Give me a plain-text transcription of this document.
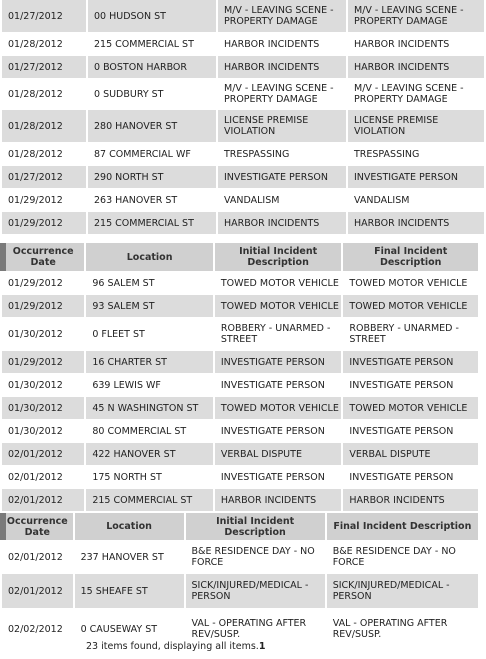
01/27/2012	00 HUDSON ST	M/V - LEAVING SCENE - PROPERTY DAMAGE	M/V - LEAVING SCENE - PROPERTY DAMAGE
01/28/2012	215 COMMERCIAL ST	HARBOR INCIDENTS	HARBOR INCIDENTS
01/27/2012	0 BOSTON HARBOR	HARBOR INCIDENTS	HARBOR INCIDENTS
01/28/2012	0 SUDBURY ST	M/V - LEAVING SCENE - PROPERTY DAMAGE	M/V - LEAVING SCENE - PROPERTY DAMAGE
01/28/2012	280 HANOVER ST	LICENSE PREMISE VIOLATION	LICENSE PREMISE VIOLATION
01/28/2012	87 COMMERCIAL WF	TRESPASSING	TRESPASSING
01/27/2012	290 NORTH ST	INVESTIGATE PERSON	INVESTIGATE PERSON
01/29/2012	263 HANOVER ST	VANDALISM	VANDALISM
01/29/2012	215 COMMERCIAL ST	HARBOR INCIDENTS	HARBOR INCIDENTS
Occurrence Date	Location	Initial Incident Description	Final Incident Description
01/29/2012	96 SALEM ST	TOWED MOTOR VEHICLE	TOWED MOTOR VEHICLE
01/29/2012	93 SALEM ST	TOWED MOTOR VEHICLE	TOWED MOTOR VEHICLE
01/30/2012	0 FLEET ST	ROBBERY - UNARMED - STREET	ROBBERY - UNARMED - STREET
01/29/2012	16 CHARTER ST	INVESTIGATE PERSON	INVESTIGATE PERSON
01/30/2012	639 LEWIS WF	INVESTIGATE PERSON	INVESTIGATE PERSON
01/30/2012	45 N WASHINGTON ST	TOWED MOTOR VEHICLE	TOWED MOTOR VEHICLE
01/30/2012	80 COMMERCIAL ST	INVESTIGATE PERSON	INVESTIGATE PERSON
02/01/2012	422 HANOVER ST	VERBAL DISPUTE	VERBAL DISPUTE
02/01/2012	175 NORTH ST	INVESTIGATE PERSON	INVESTIGATE PERSON
02/01/2012	215 COMMERCIAL ST	HARBOR INCIDENTS	HARBOR INCIDENTS
Occurrence Date	Location	Initial Incident Description	Final Incident Description
02/01/2012	237 HANOVER ST	B&E RESIDENCE DAY - NO FORCE	B&E RESIDENCE DAY - NO FORCE
02/01/2012	15 SHEAFE ST	SICK/INJURED/MEDICAL - PERSON	SICK/INJURED/MEDICAL - PERSON
02/02/2012	0 CAUSEWAY ST	VAL - OPERATING AFTER REV/SUSP.	VAL - OPERATING AFTER REV/SUSP.
23 items found, displaying all items.1
